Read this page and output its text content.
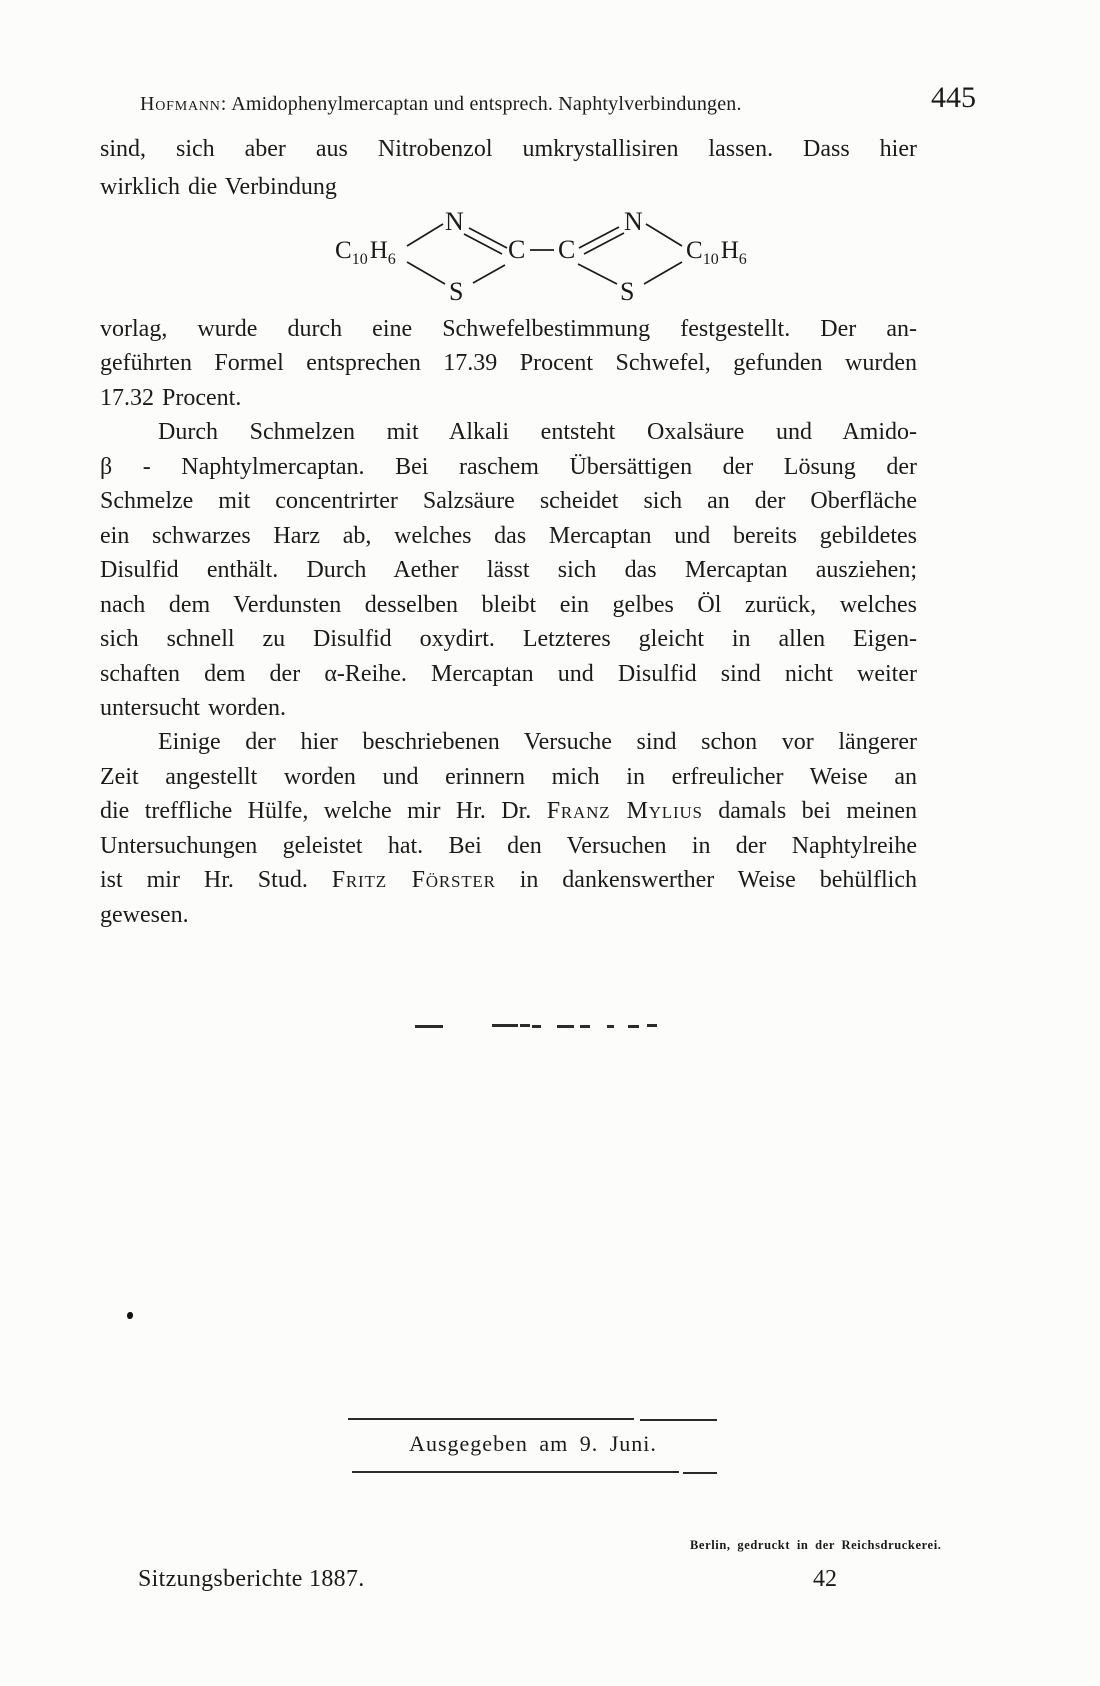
Hofmann: Amidophenylmercaptan und entsprech. Naphtylverbindungen.	445
sind, sich aber aus Nitrobenzol umkrystallisiren lassen. Dass hier
wirklich die Verbindung
$C_{10}H_6$
N
S
C C
N
S
$C_{10}H_6$
vorlag, wurde durch eine Schwefelbestimmung festgestellt. Der an-
geführten Formel entsprechen 17.39 Procent Schwefel, gefunden wurden
17.32 Procent.
Durch Schmelzen mit Alkali entsteht Oxalsäure und Amido-
β - Naphtylmercaptan. Bei raschem Übersättigen der Lösung der
Schmelze mit concentrirter Salzsäure scheidet sich an der Oberfläche
ein schwarzes Harz ab, welches das Mercaptan und bereits gebildetes
Disulfid enthält. Durch Aether lässt sich das Mercaptan ausziehen;
nach dem Verdunsten desselben bleibt ein gelbes Öl zurück, welches
sich schnell zu Disulfid oxydirt. Letzteres gleicht in allen Eigen-
schaften dem der α-Reihe. Mercaptan und Disulfid sind nicht weiter
untersucht worden.
Einige der hier beschriebenen Versuche sind schon vor längerer
Zeit angestellt worden und erinnern mich in erfreulicher Weise an
die treffliche Hülfe, welche mir Hr. Dr. Franz Mylius damals bei meinen
Untersuchungen geleistet hat. Bei den Versuchen in der Naphtylreihe
ist mir Hr. Stud. Fritz Förster in dankenswerther Weise behülflich
gewesen.
Ausgegeben am 9. Juni.
Berlin, gedruckt in der Reichsdruckerei.
Sitzungsberichte 1887.	42
